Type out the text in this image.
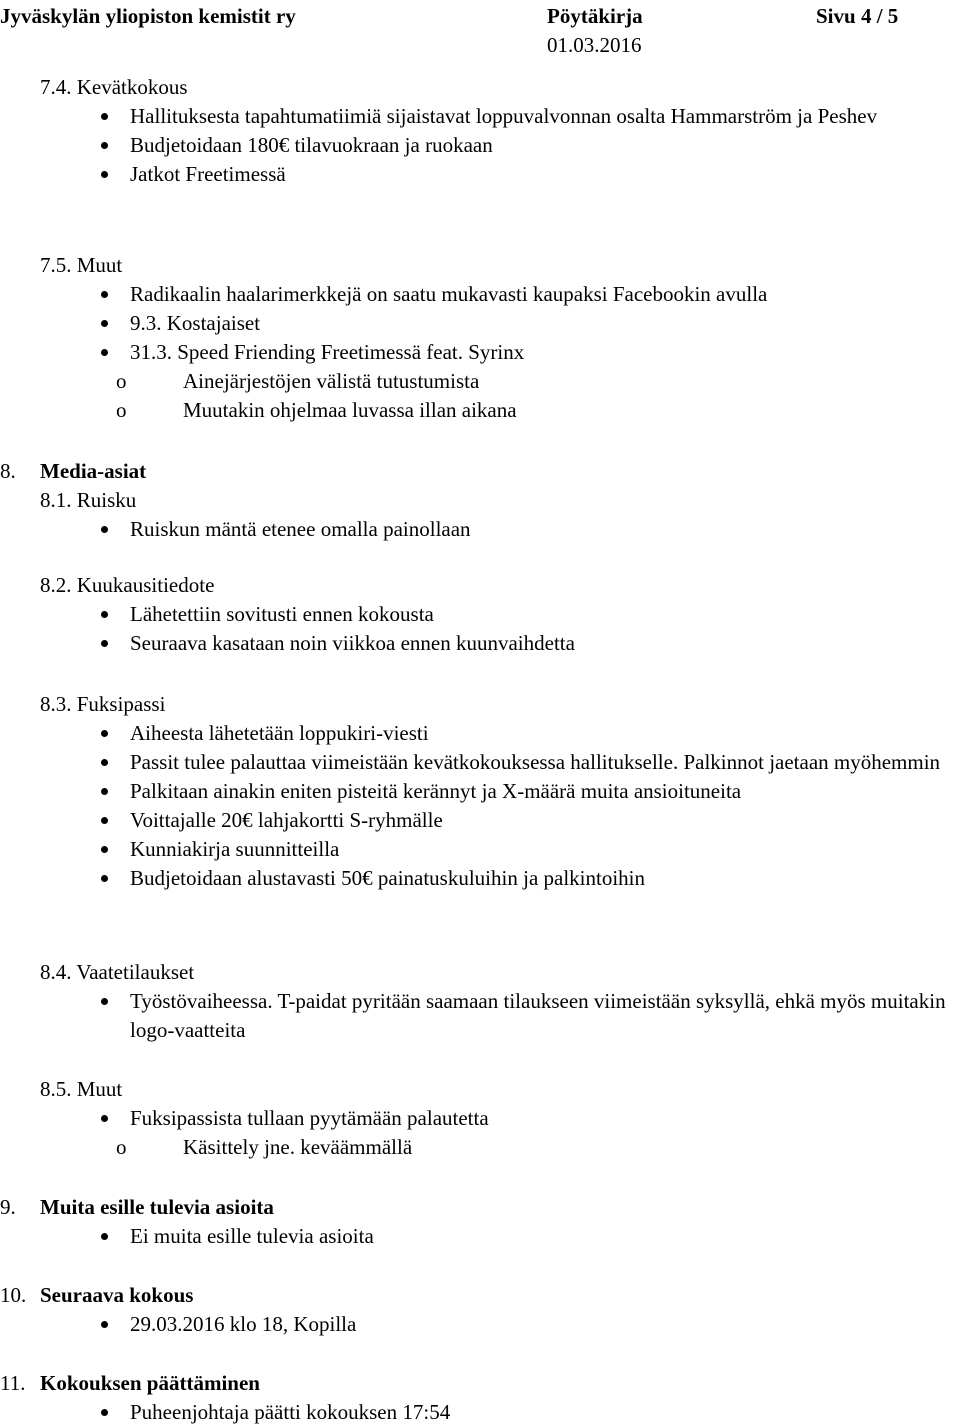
Jyväskylän yliopiston kemistit ry	Pöytäkirja
01.03.2016
Sivu 4 / 5
7.4. Kevätkokous
Hallituksesta tapahtumatiimiä sijaistavat loppuvalvonnan osalta Hammarström ja Peshev
Budjetoidaan 180€ tilavuokraan ja ruokaan
Jatkot Freetimessä
7.5. Muut
Radikaalin haalarimerkkejä on saatu mukavasti kaupaksi Facebookin avulla
9.3. Kostajaiset
31.3. Speed Friending Freetimessä feat. Syrinx
o	Ainejärjestöjen välistä tutustumista
o	Muutakin ohjelmaa luvassa illan aikana
8. Media-asiat
8.1. Ruisku
Ruiskun mäntä etenee omalla painollaan
8.2. Kuukausitiedote
Lähetettiin sovitusti ennen kokousta
Seuraava kasataan noin viikkoa ennen kuunvaihdetta
8.3. Fuksipassi
Aiheesta lähetetään loppukiri-viesti
Passit tulee palauttaa viimeistään kevätkokouksessa hallitukselle. Palkinnot jaetaan myöhemmin
Palkitaan ainakin eniten pisteitä kerännyt ja X-määrä muita ansioituneita
Voittajalle 20€ lahjakortti S-ryhmälle
Kunniakirja suunnitteilla
Budjetoidaan alustavasti 50€ painatuskuluihin ja palkintoihin
8.4. Vaatetilaukset
Työstövaiheessa. T-paidat pyritään saamaan tilaukseen viimeistään syksyllä, ehkä myös muitakin logo-vaatteita
8.5. Muut
Fuksipassista tullaan pyytämään palautetta
o	Käsittely jne. keväämmällä
9. Muita esille tulevia asioita
Ei muita esille tulevia asioita
10. Seuraava kokous
29.03.2016 klo 18, Kopilla
11. Kokouksen päättäminen
Puheenjohtaja päätti kokouksen 17:54
